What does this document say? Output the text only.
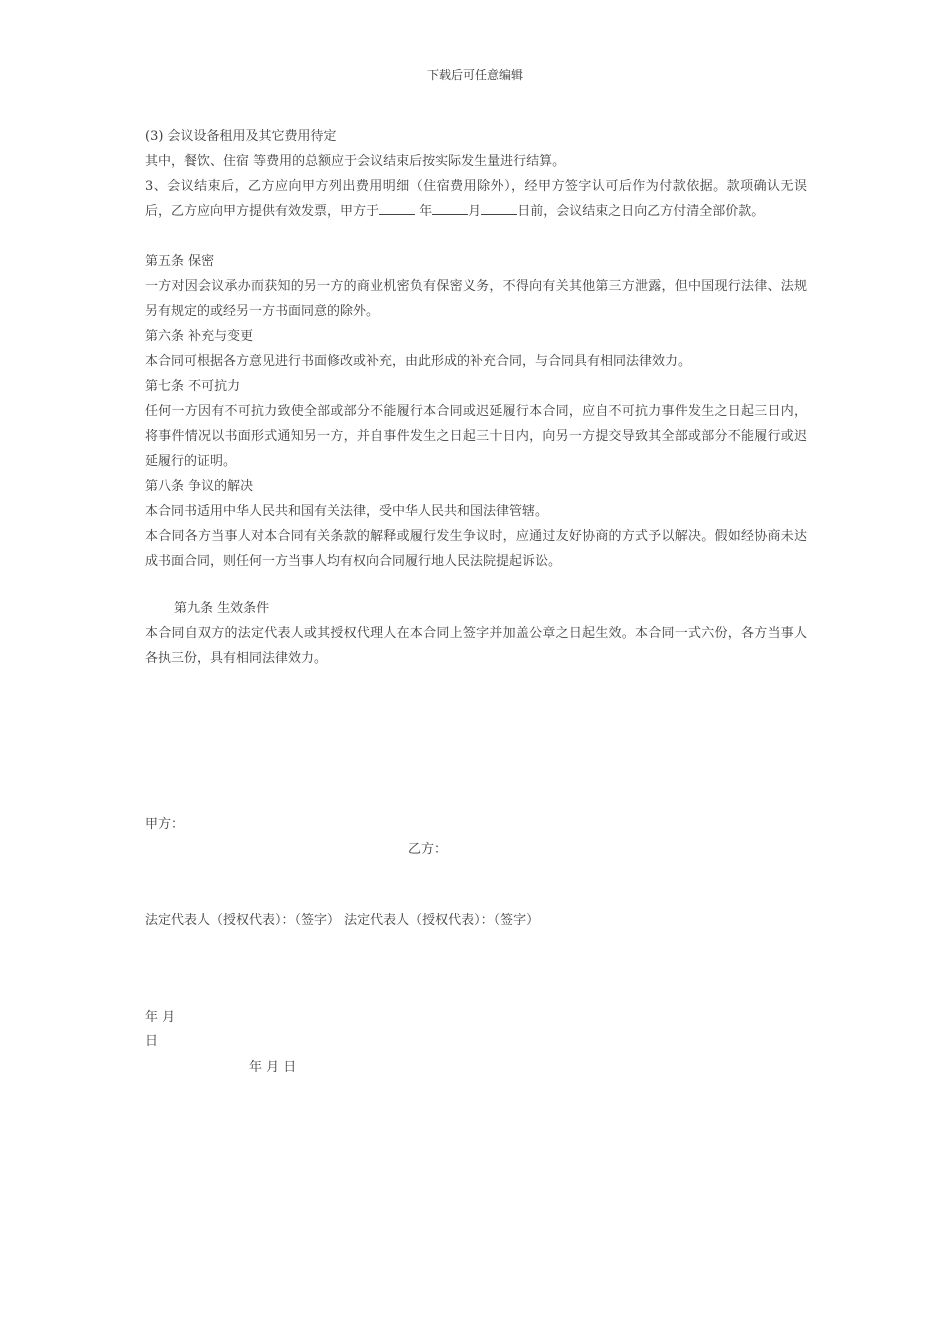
下载后可任意编辑

(3) 会议设备租用及其它费用待定

其中，餐饮、住宿 等费用的总额应于会议结束后按实际发生量进行结算。

3、会议结束后，乙方应向甲方列出费用明细（住宿费用除外），经甲方签字认可后作为付款依据。款项确认无误后，乙方应向甲方提供有效发票，甲方于	年	月	日前，会议结束之日向乙方付清全部价款。

第五条 保密

一方对因会议承办而获知的另一方的商业机密负有保密义务，不得向有关其他第三方泄露，但中国现行法律、法规另有规定的或经另一方书面同意的除外。

第六条 补充与变更

本合同可根据各方意见进行书面修改或补充，由此形成的补充合同，与合同具有相同法律效力。

第七条 不可抗力

任何一方因有不可抗力致使全部或部分不能履行本合同或迟延履行本合同，应自不可抗力事件发生之日起三日内，将事件情况以书面形式通知另一方，并自事件发生之日起三十日内，向另一方提交导致其全部或部分不能履行或迟延履行的证明。

第八条 争议的解决

本合同书适用中华人民共和国有关法律，受中华人民共和国法律管辖。

本合同各方当事人对本合同有关条款的解释或履行发生争议时，应通过友好协商的方式予以解决。假如经协商未达成书面合同，则任何一方当事人均有权向合同履行地人民法院提起诉讼。

第九条 生效条件

本合同自双方的法定代表人或其授权代理人在本合同上签字并加盖公章之日起生效。本合同一式六份，各方当事人各执三份，具有相同法律效力。

甲方：
乙方：
法定代表人（授权代表）：（签字） 法定代表人（授权代表）：（签字）
年 月
日
年 月 日
